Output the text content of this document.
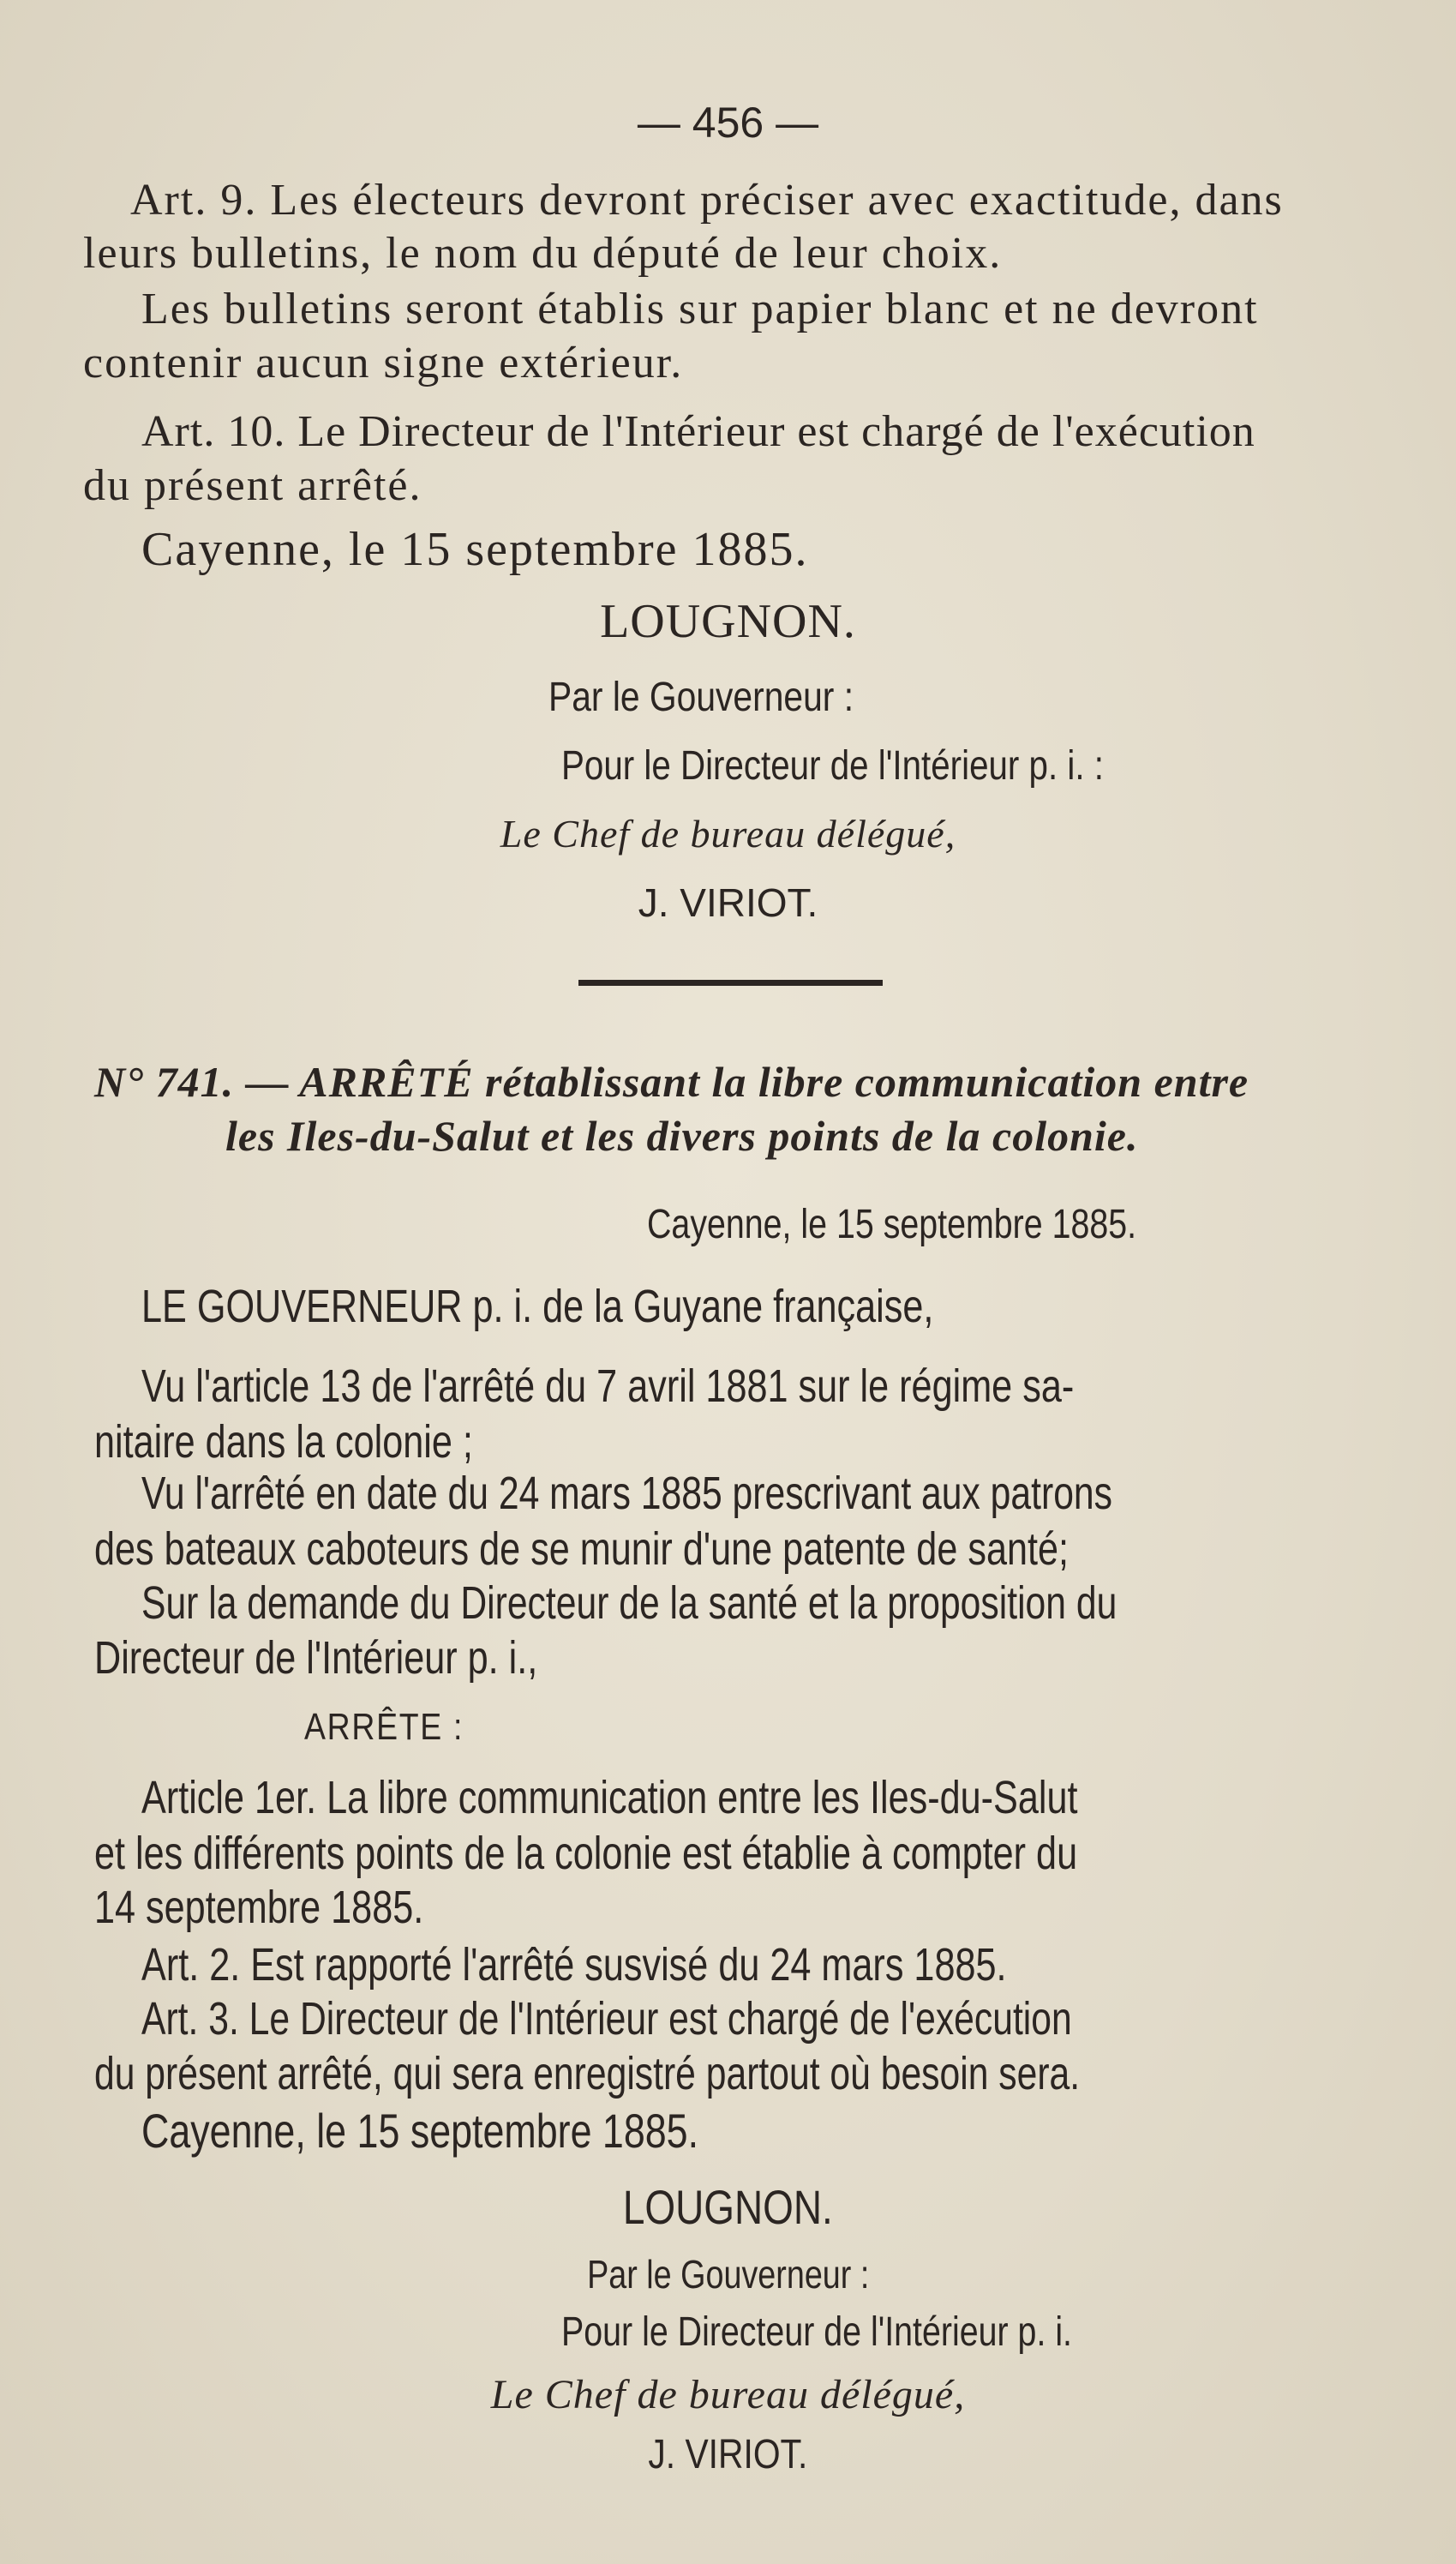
— 456 —
Art. 9. Les électeurs devront préciser avec exactitude, dans
leurs bulletins, le nom du député de leur choix.
Les bulletins seront établis sur papier blanc et ne devront
contenir aucun signe extérieur.
Art. 10. Le Directeur de l'Intérieur est chargé de l'exécution
du présent arrêté.
Cayenne, le 15 septembre 1885.
LOUGNON.
Par le Gouverneur :
Pour le Directeur de l'Intérieur p. i. :
Le Chef de bureau délégué,
J. VIRIOT.
N° 741. — ARRÊTÉ rétablissant la libre communication entre
les Iles-du-Salut et les divers points de la colonie.
Cayenne, le 15 septembre 1885.
LE GOUVERNEUR p. i. de la Guyane française,
Vu l'article 13 de l'arrêté du 7 avril 1881 sur le régime sa-
nitaire dans la colonie ;
Vu l'arrêté en date du 24 mars 1885 prescrivant aux patrons
des bateaux caboteurs de se munir d'une patente de santé;
Sur la demande du Directeur de la santé et la proposition du
Directeur de l'Intérieur p. i.,
ARRÊTE :
Article 1er. La libre communication entre les Iles-du-Salut
et les différents points de la colonie est établie à compter du
14 septembre 1885.
Art. 2. Est rapporté l'arrêté susvisé du 24 mars 1885.
Art. 3. Le Directeur de l'Intérieur est chargé de l'exécution
du présent arrêté, qui sera enregistré partout où besoin sera.
Cayenne, le 15 septembre 1885.
LOUGNON.
Par le Gouverneur :
Pour le Directeur de l'Intérieur p. i.
Le Chef de bureau délégué,
J. VIRIOT.
